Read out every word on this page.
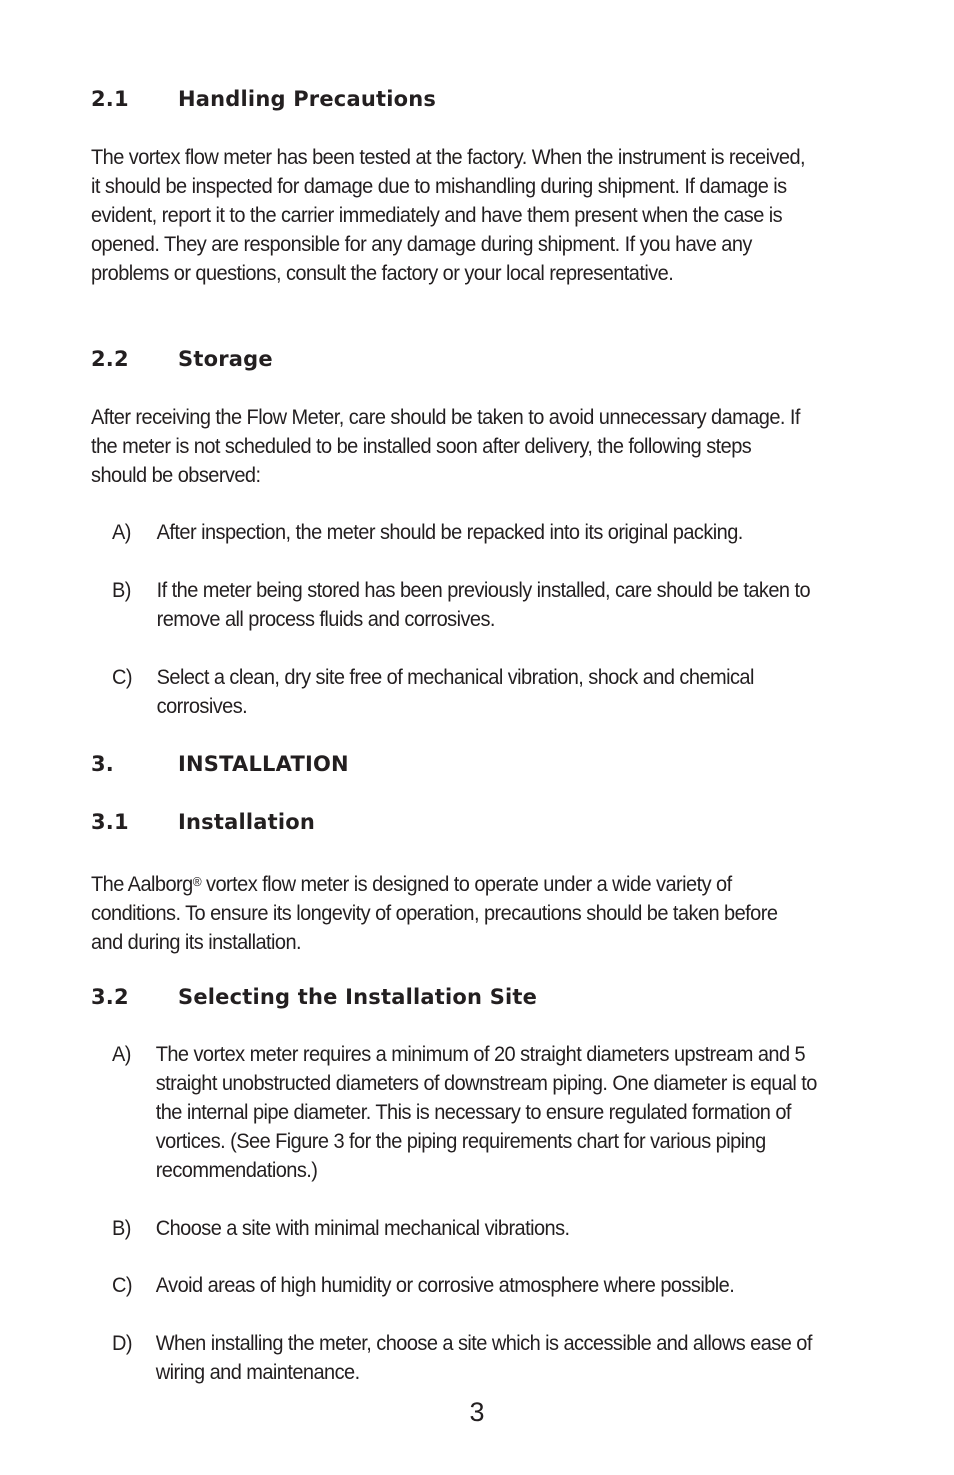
2.1 Handling Precautions

The vortex flow meter has been tested at the factory. When the instrument is received, it should be inspected for damage due to mishandling during shipment. If damage is evident, report it to the carrier immediately and have them present when the case is opened. They are responsible for any damage during shipment. If you have any problems or questions, consult the factory or your local representative.

2.2 Storage

After receiving the Flow Meter, care should be taken to avoid unnecessary damage. If the meter is not scheduled to be installed soon after delivery, the following steps should be observed:

A) After inspection, the meter should be repacked into its original packing.
B) If the meter being stored has been previously installed, care should be taken to remove all process fluids and corrosives.
C) Select a clean, dry site free of mechanical vibration, shock and chemical corrosives.
3.	INSTALLATION
3.1 Installation

The Aalborg® vortex flow meter is designed to operate under a wide variety of conditions. To ensure its longevity of operation, precautions should be taken before and during its installation.

3.2 Selecting the Installation Site
A) The vortex meter requires a minimum of 20 straight diameters upstream and 5 straight unobstructed diameters of downstream piping. One diameter is equal to the internal pipe diameter. This is necessary to ensure regulated formation of vortices. (See Figure 3 for the piping requirements chart for various piping recommendations.)
B) Choose a site with minimal mechanical vibrations.
C) Avoid areas of high humidity or corrosive atmosphere where possible.
D) When installing the meter, choose a site which is accessible and allows ease of wiring and maintenance.
3
